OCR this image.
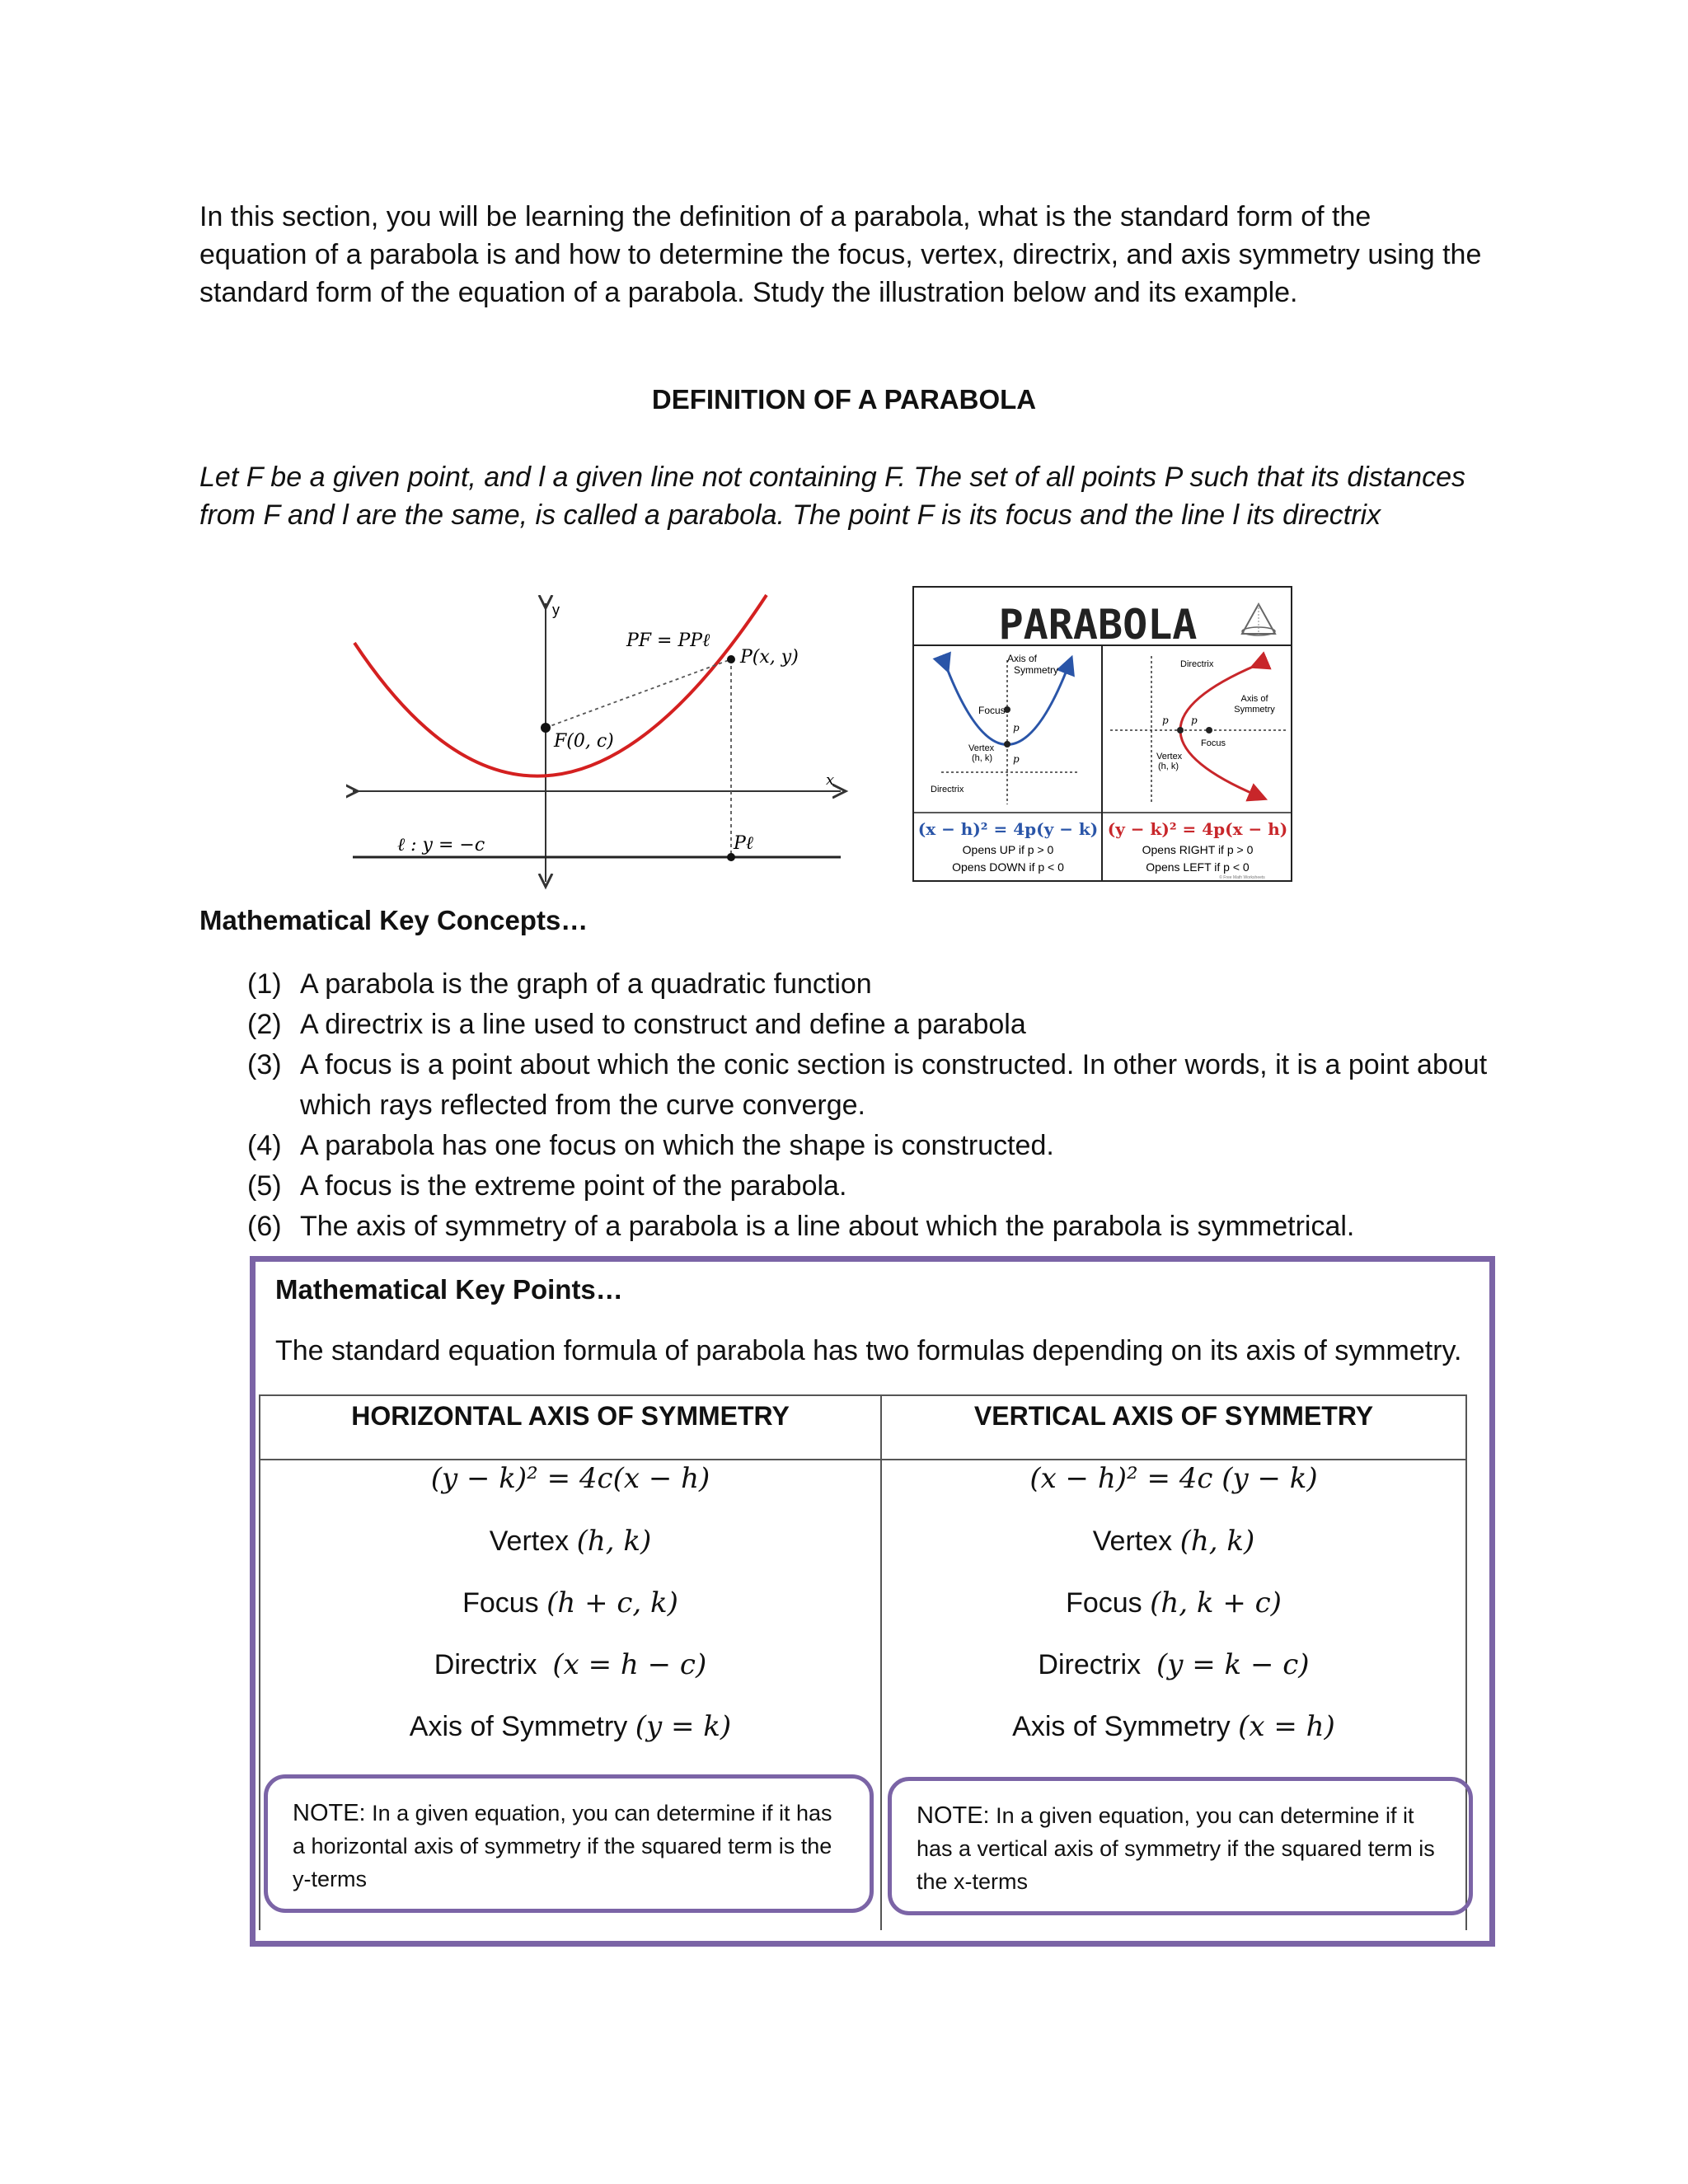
In this section, you will be learning the definition of a parabola, what is the standard form of the
equation of a parabola is and how to determine the focus, vertex, directrix, and axis symmetry using the
standard form of the equation of a parabola. Study the illustration below and its example.
DEFINITION OF A PARABOLA
Let F be a given point, and l a given line not containing F. The set of all points P such that its distances
from F and l are the same, is called a parabola. The point F is its focus and the line l its directrix
y
x
PF = PPℓ
P(x, y)
F(0, c)
ℓ : y = −c	Pℓ
PARABOLA
Axis of
Symmetry
Focus
Vertex
(h, k)
p
p
Directrix
(x − h)² = 4p(y − k)
Opens UP if p > 0
Opens DOWN if p < 0
Directrix
Axis of
Symmetry
Focus
Vertex
(h, k)
p p
(y − k)² = 4p(x − h)
Opens RIGHT if p > 0
Opens LEFT if p < 0
© Free Math Worksheets
Mathematical Key Concepts…
(1) A parabola is the graph of a quadratic function
(2) A directrix is a line used to construct and define a parabola
(3) A focus is a point about which the conic section is constructed. In other words, it is a point about which rays reflected from the curve converge.
(4) A parabola has one focus on which the shape is constructed.
(5) A focus is the extreme point of the parabola.
(6) The axis of symmetry of a parabola is a line about which the parabola is symmetrical.
Mathematical Key Points…
The standard equation formula of parabola has two formulas depending on its axis of symmetry.
HORIZONTAL AXIS OF SYMMETRY
(y − k)² = 4c(x − h)
Vertex (h, k)
Focus (h + c, k)
Directrix (x = h − c)
Axis of Symmetry (y = k)
NOTE: In a given equation, you can determine if it has a horizontal axis of symmetry if the squared term is the y-terms
VERTICAL AXIS OF SYMMETRY
(x − h)² = 4c (y − k)
Vertex (h, k)
Focus (h, k + c)
Directrix (y = k − c)
Axis of Symmetry (x = h)
NOTE: In a given equation, you can determine if it has a vertical axis of symmetry if the squared term is the x-terms
